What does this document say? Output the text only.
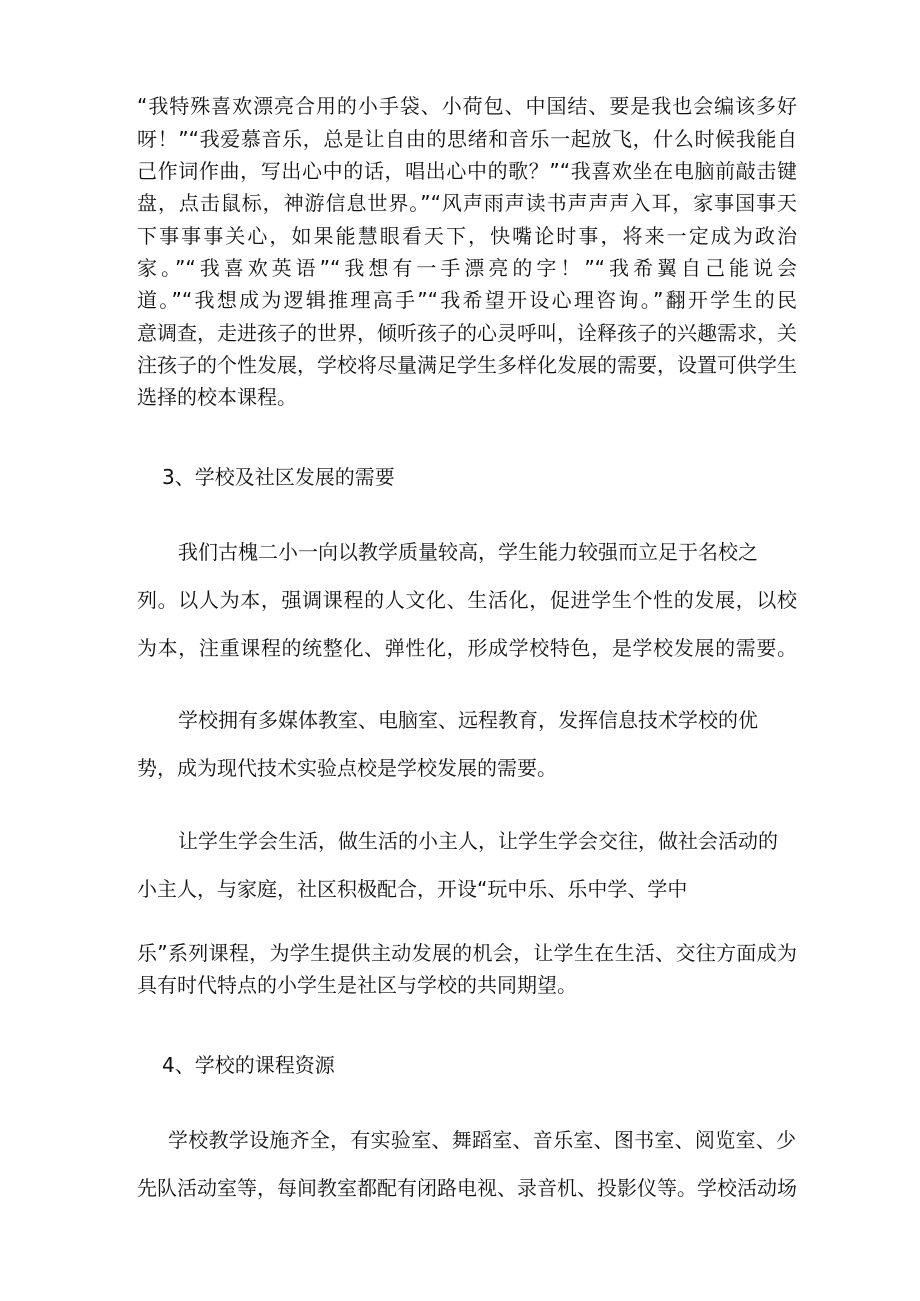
“我特殊喜欢漂亮合用的小手袋、小荷包、中国结、要是我也会编该多好
呀！”“我爱慕音乐，总是让自由的思绪和音乐一起放飞，什么时候我能自
己作词作曲，写出心中的话，唱出心中的歌？”“我喜欢坐在电脑前敲击键
盘，点击鼠标，神游信息世界。”“风声雨声读书声声声入耳，家事国事天
下事事事关心，如果能慧眼看天下，快嘴论时事，将来一定成为政治
家。”“我喜欢英语”“我想有一手漂亮的字！”“我希翼自己能说会
道。”“我想成为逻辑推理高手”“我希望开设心理咨询。”翻开学生的民
意调查，走进孩子的世界，倾听孩子的心灵呼叫，诠释孩子的兴趣需求，关
注孩子的个性发展，学校将尽量满足学生多样化发展的需要，设置可供学生
选择的校本课程。
3、学校及社区发展的需要
我们古槐二小一向以教学质量较高，学生能力较强而立足于名校之
列。以人为本，强调课程的人文化、生活化，促进学生个性的发展，以校
为本，注重课程的统整化、弹性化，形成学校特色，是学校发展的需要。
学校拥有多媒体教室、电脑室、远程教育，发挥信息技术学校的优
势，成为现代技术实验点校是学校发展的需要。
让学生学会生活，做生活的小主人，让学生学会交往，做社会活动的
小主人，与家庭，社区积极配合，开设“玩中乐、乐中学、学中
乐”系列课程，为学生提供主动发展的机会，让学生在生活、交往方面成为
具有时代特点的小学生是社区与学校的共同期望。
4、学校的课程资源
学校教学设施齐全，有实验室、舞蹈室、音乐室、图书室、阅览室、少
先队活动室等，每间教室都配有闭路电视、录音机、投影仪等。学校活动场
